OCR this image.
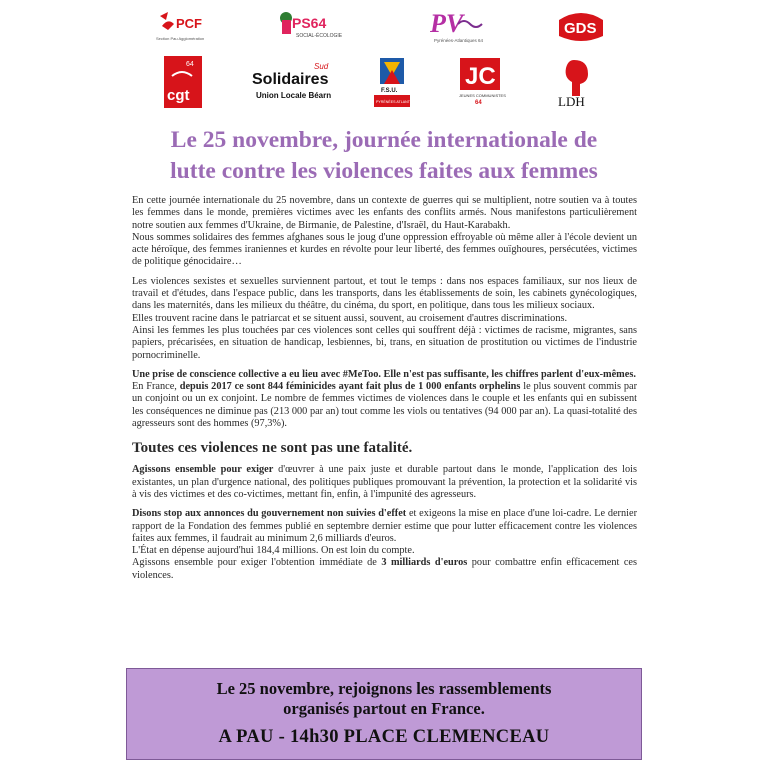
PCF
Section Pau Agglomération
PS64
SOCIAL-ÉCOLOGIE	PV
Pyrénées-Atlantiques 64
GDS
64
cgt
Sud
Solidaires
Union Locale Béarn	F.S.U.
PYRÉNÉES ATLANTIQUES
JC
JEUNES COMMUNISTES
64	LDH
Le 25 novembre, journée internationale de
lutte contre les violences faites aux femmes

En cette journée internationale du 25 novembre, dans un contexte de guerres qui se multiplient, notre soutien va à toutes les femmes dans le monde, premières victimes avec les enfants des conflits armés. Nous manifestons particulièrement notre soutien aux femmes d'Ukraine, de Birmanie, de Palestine, d'Israël, du Haut-Karabakh.

Nous sommes solidaires des femmes afghanes sous le joug d'une oppression effroyable où même aller à l'école devient un acte héroïque, des femmes iraniennes et kurdes en révolte pour leur liberté, des femmes ouïghoures, persécutées, victimes de politique génocidaire…

Les violences sexistes et sexuelles surviennent partout, et tout le temps : dans nos espaces familiaux, sur nos lieux de travail et d'études, dans l'espace public, dans les transports, dans les établissements de soin, les cabinets gynécologiques, dans les maternités, dans les milieux du théâtre, du cinéma, du sport, en politique, dans tous les milieux sociaux.

Elles trouvent racine dans le patriarcat et se situent aussi, souvent, au croisement d'autres discriminations.

Ainsi les femmes les plus touchées par ces violences sont celles qui souffrent déjà : victimes de racisme, migrantes, sans papiers, précarisées, en situation de handicap, lesbiennes, bi, trans, en situation de prostitution ou victimes de l'industrie pornocriminelle.

Une prise de conscience collective a eu lieu avec #MeToo. Elle n'est pas suffisante, les chiffres parlent d'eux-mêmes.

En France, depuis 2017 ce sont 844 féminicides ayant fait plus de 1 000 enfants orphelins le plus souvent commis par un conjoint ou un ex conjoint. Le nombre de femmes victimes de violences dans le couple et les enfants qui en subissent les conséquences ne diminue pas (213 000 par an) tout comme les viols ou tentatives (94 000 par an). La quasi-totalité des agresseurs sont des hommes (97,3%).

Toutes ces violences ne sont pas une fatalité.

Agissons ensemble pour exiger d'œuvrer à une paix juste et durable partout dans le monde, l'application des lois existantes, un plan d'urgence national, des politiques publiques promouvant la prévention, la protection et la solidarité vis à vis des victimes et des co-victimes, mettant fin, enfin, à l'impunité des agresseurs.

Disons stop aux annonces du gouvernement non suivies d'effet et exigeons la mise en place d'une loi-cadre. Le dernier rapport de la Fondation des femmes publié en septembre dernier estime que pour lutter efficacement contre les violences faites aux femmes, il faudrait au minimum 2,6 milliards d'euros.

L'État en dépense aujourd'hui 184,4 millions. On est loin du compte.

Agissons ensemble pour exiger l'obtention immédiate de 3 milliards d'euros pour combattre enfin efficacement ces violences.

Le 25 novembre, rejoignons les rassemblements
organisés partout en France.
A PAU - 14h30 PLACE CLEMENCEAU
